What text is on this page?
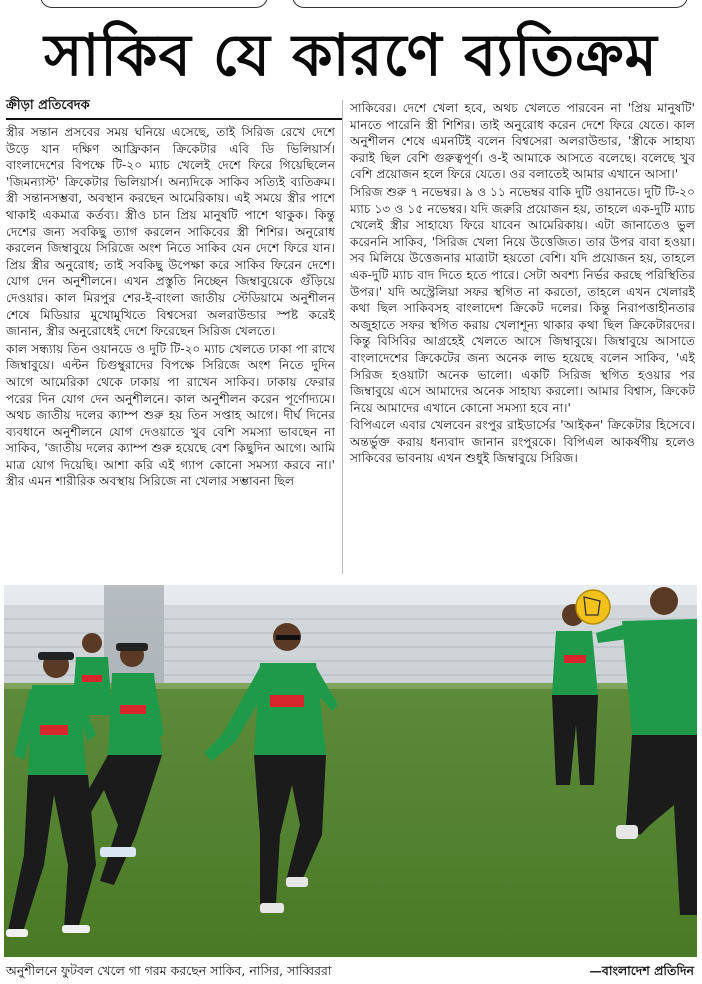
সাকিব যে কারণে ব্যতিক্রম
ক্রীড়া প্রতিবেদক

স্ত্রীর সন্তান প্রসবের সময় ঘনিয়ে এসেছে, তাই সিরিজ রেখে দেশে উড়ে যান দক্ষিণ আফ্রিকান ক্রিকেটার এবি ডি ভিলিয়ার্স। বাংলাদেশের বিপক্ষে টি-২০ ম্যাচ খেলেই দেশে ফিরে গিয়েছিলেন 'জিমন্যাস্ট' ক্রিকেটার ভিলিয়ার্স। অন্যদিকে সাকিব সত্যিই ব্যতিক্রম। স্ত্রী সন্তানসম্ভবা, অবস্থান করছেন আমেরিকায়। এই সময়ে স্ত্রীর পাশে থাকাই একমাত্র কর্তব্য। স্ত্রীও চান প্রিয় মানুষটি পাশে থাকুক। কিন্তু দেশের জন্য সবকিছু ত্যাগ করলেন সাকিবের স্ত্রী শিশির। অনুরোধ করলেন জিম্বাবুয়ে সিরিজে অংশ নিতে সাকিব যেন দেশে ফিরে যান। প্রিয় স্ত্রীর অনুরোধ; তাই সবকিছু উপেক্ষা করে সাকিব ফিরেন দেশে। যোগ দেন অনুশীলনে। এখন প্রস্তুতি নিচ্ছেন জিম্বাবুয়েকে গুঁড়িয়ে দেওয়ার। কাল মিরপুর শের-ই-বাংলা জাতীয় স্টেডিয়ামে অনুশীলন শেষে মিডিয়ার মুখোমুখিতে বিশ্বসেরা অলরাউন্ডার স্পষ্ট করেই জানান, স্ত্রীর অনুরোধেই দেশে ফিরেছেন সিরিজ খেলতে।

কাল সন্ধ্যায় তিন ওয়ানডে ও দুটি টি-২০ ম্যাচ খেলতে ঢাকা পা রাখে জিম্বাবুয়ে। এল্টন চিগুম্বুরাদের বিপক্ষে সিরিজে অংশ নিতে দুদিন আগে আমেরিকা থেকে ঢাকায় পা রাখেন সাকিব। ঢাকায় ফেরার পরের দিন যোগ দেন অনুশীলনে। কাল অনুশীলন করেন পূর্ণোদ্যমে। অথচ জাতীয় দলের ক্যাম্প শুরু হয় তিন সপ্তাহ আগে। দীর্ঘ দিনের ব্যবধানে অনুশীলনে যোগ দেওয়াতে খুব বেশি সমস্যা ভাবছেন না সাকিব, 'জাতীয় দলের ক্যাম্প শুরু হয়েছে বেশ কিছুদিন আগে। আমি মাত্র যোগ দিয়েছি। আশা করি এই গ্যাপ কোনো সমস্যা করবে না।' স্ত্রীর এমন শারীরিক অবস্থায় সিরিজে না খেলার সম্ভাবনা ছিল

সাকিবের। দেশে খেলা হবে, অথচ খেলতে পারবেন না 'প্রিয় মানুষটি' মানতে পারেনি স্ত্রী শিশির। তাই অনুরোধ করেন দেশে ফিরে যেতে। কাল অনুশীলন শেষে এমনটিই বলেন বিশ্বসেরা অলরাউন্ডার, 'স্ত্রীকে সাহায্য করাই ছিল বেশি গুরুত্বপূর্ণ। ও-ই আমাকে আসতে বলেছে। বলেছে খুব বেশি প্রয়োজন হলে ফিরে যেতে। ওর বলাতেই আমার এখানে আসা।'

সিরিজ শুরু ৭ নভেম্বর। ৯ ও ১১ নভেম্বর বাকি দুটি ওয়ানডে। দুটি টি-২০ ম্যাচ ১৩ ও ১৫ নভেম্বর। যদি জরুরি প্রয়োজন হয়, তাহলে এক-দুটি ম্যাচ খেলেই স্ত্রীর সাহায্যে ফিরে যাবেন আমেরিকায়। এটা জানাতেও ভুল করেননি সাকিব, 'সিরিজ খেলা নিয়ে উত্তেজিত। তার উপর বাবা হওয়া। সব মিলিয়ে উত্তেজনার মাত্রাটা হয়তো বেশি। যদি প্রয়োজন হয়, তাহলে এক-দুটি ম্যাচ বাদ দিতে হতে পারে। সেটা অবশ্য নির্ভর করছে পরিস্থিতির উপর।' যদি অস্ট্রেলিয়া সফর স্থগিত না করতো, তাহলে এখন খেলারই কথা ছিল সাকিবসহ বাংলাদেশ ক্রিকেট দলের। কিন্তু নিরাপত্তাহীনতার অজুহাতে সফর স্থগিত করায় খেলাশূন্য থাকার কথা ছিল ক্রিকেটারদের। কিন্তু বিসিবির আগ্রহেই খেলতে আসে জিম্বাবুয়ে। জিম্বাবুয়ে আসাতে বাংলাদেশের ক্রিকেটের জন্য অনেক লাভ হয়েছে বলেন সাকিব, 'এই সিরিজ হওয়াটা অনেক ভালো। একটি সিরিজ স্থগিত হওয়ার পর জিম্বাবুয়ে এসে আমাদের অনেক সাহায্য করলো। আমার বিশ্বাস, ক্রিকেট নিয়ে আমাদের এখানে কোনো সমস্যা হবে না।'

বিপিএলে এবার খেলবেন রংপুর রাইডার্সের 'আইকন' ক্রিকেটার হিসেবে। অন্তর্ভুক্ত করায় ধন্যবাদ জানান রংপুরকে। বিপিএল আকর্ষণীয় হলেও সাকিবের ভাবনায় এখন শুধুই জিম্বাবুয়ে সিরিজ।

অনুশীলনে ফুটবল খেলে গা গরম করছেন সাকিব, নাসির, সাব্বিররা	—বাংলাদেশ প্রতিদিন
